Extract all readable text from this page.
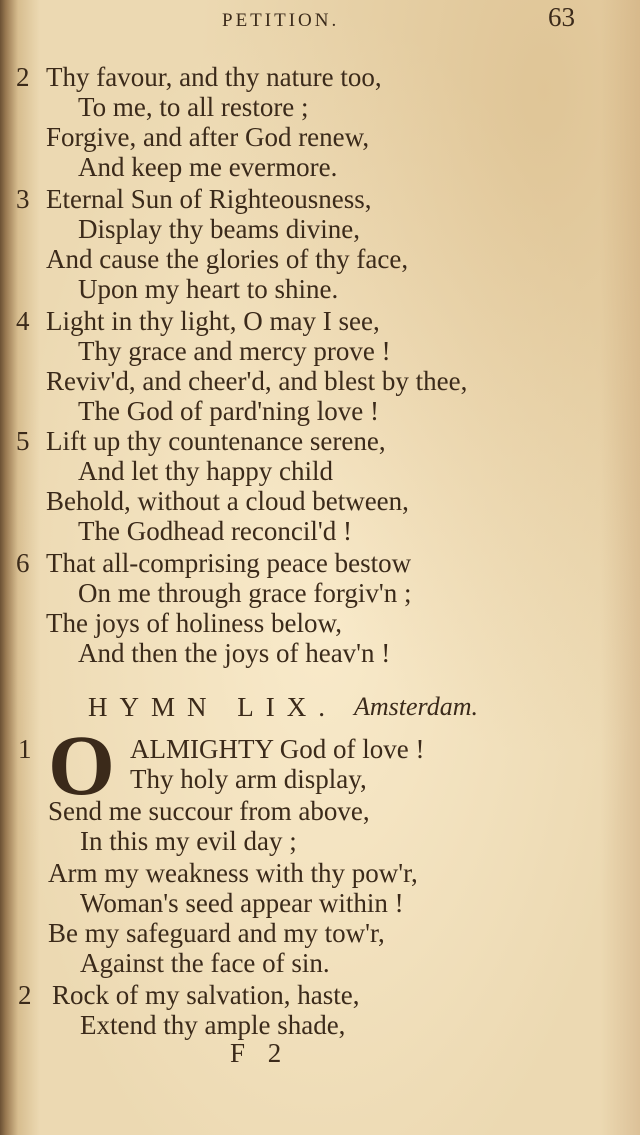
PETITION.	63
2 Thy favour, and thy nature too,
To me, to all restore ;
Forgive, and after God renew,
And keep me evermore.
3 Eternal Sun of Righteousness,
Display thy beams divine,
And cause the glories of thy face,
Upon my heart to shine.
4 Light in thy light, O may I see,
Thy grace and mercy prove !
Reviv'd, and cheer'd, and blest by thee,
The God of pard'ning love !
5 Lift up thy countenance serene,
And let thy happy child
Behold, without a cloud between,
The Godhead reconcil'd !
6 That all-comprising peace bestow
On me through grace forgiv'n ;
The joys of holiness below,
And then the joys of heav'n !
HYMN LIX. Amsterdam.
1 O ALMIGHTY God of love !
Thy holy arm display,
Send me succour from above,
In this my evil day ;
Arm my weakness with thy pow'r,
Woman's seed appear within !
Be my safeguard and my tow'r,
Against the face of sin.
2 Rock of my salvation, haste,
Extend thy ample shade,
F 2
